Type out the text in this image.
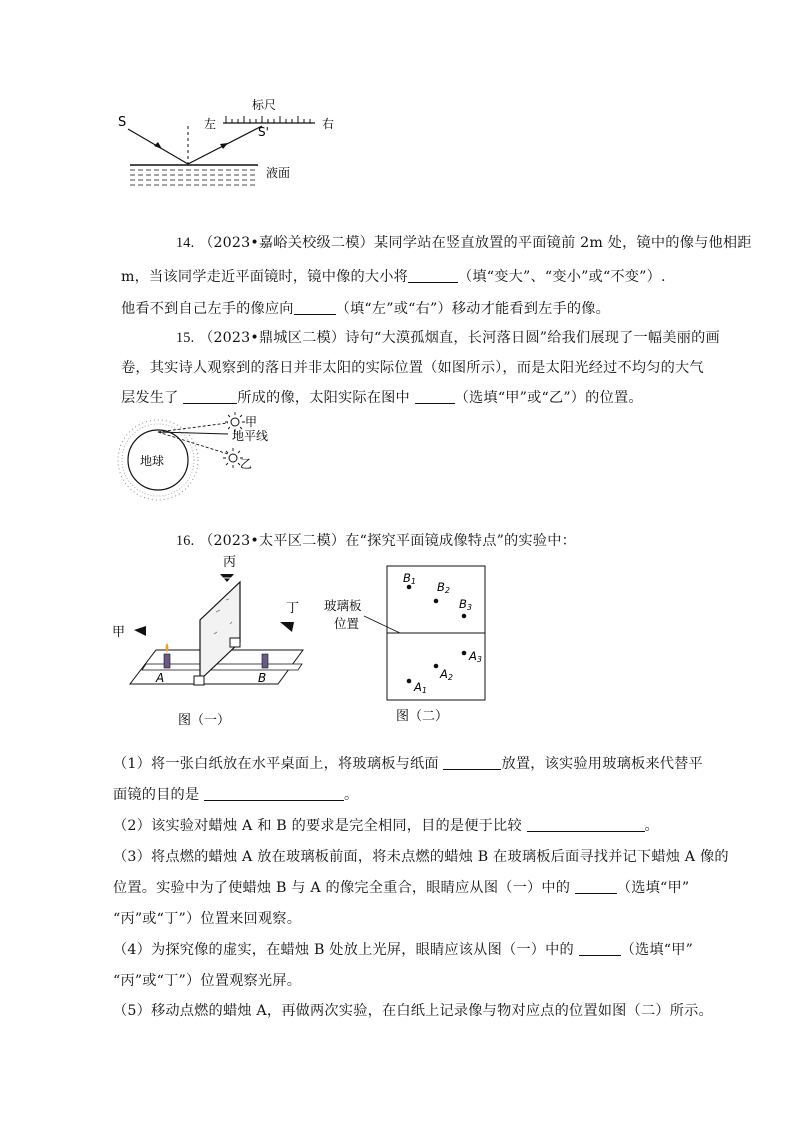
S	左
标尺
S'
右
液面
14. （2023•嘉峪关校级二模）某同学站在竖直放置的平面镜前 2m 处，镜中的像与他相距
m，当该同学走近平面镜时，镜中像的大小将	（填“变大”、“变小”或“不变”）.
他看不到自己左手的像应向	（填“左”或“右”）移动才能看到左手的像。
15. （2023•鼎城区二模）诗句“大漠孤烟直，长河落日圆”给我们展现了一幅美丽的画
卷，其实诗人观察到的落日并非太阳的实际位置（如图所示），而是太阳光经过不均匀的大气
层发生了	所成的像，太阳实际在图中	（选填“甲”或“乙”）的位置。
地球
甲
地平线
乙
16. （2023•太平区二模）在“探究平面镜成像特点”的实验中：
丙
甲
丁
A	B
图（一）
玻璃板
位置
B1 B2
B3
A3
A2
A1
图（二）
（1）将一张白纸放在水平桌面上，将玻璃板与纸面	放置，该实验用玻璃板来代替平
面镜的目的是	。
（2）该实验对蜡烛 A 和 B 的要求是完全相同，目的是便于比较	。
（3）将点燃的蜡烛 A 放在玻璃板前面，将未点燃的蜡烛 B 在玻璃板后面寻找并记下蜡烛 A 像的
位置。实验中为了使蜡烛 B 与 A 的像完全重合，眼睛应从图（一）中的	（选填“甲”
“丙”或“丁”）位置来回观察。
（4）为探究像的虚实，在蜡烛 B 处放上光屏，眼睛应该从图（一）中的	（选填“甲”
“丙”或“丁”）位置观察光屏。
（5）移动点燃的蜡烛 A，再做两次实验，在白纸上记录像与物对应点的位置如图（二）所示。
